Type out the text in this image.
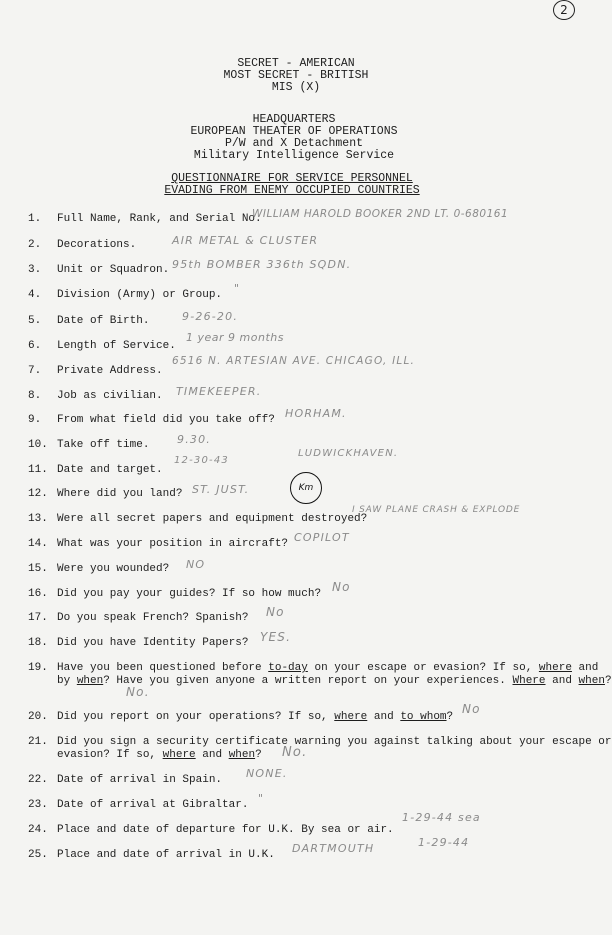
2
SECRET - AMERICAN
MOST SECRET - BRITISH
MIS (X)
HEADQUARTERS
EUROPEAN THEATER OF OPERATIONS
P/W and X Detachment
Military Intelligence Service
QUESTIONNAIRE FOR SERVICE PERSONNEL
EVADING FROM ENEMY OCCUPIED COUNTRIES
1.	Full Name, Rank, and Serial No.
WILLIAM HAROLD BOOKER 2ND LT. 0-680161
2.	Decorations.	AIR METAL & CLUSTER
3.	Unit or Squadron. 95th BOMBER 336th SQDN.
4.	Division (Army) or Group. "
5.	Date of Birth.	9-26-20.
6.	Length of Service.
1 year 9 months
7.	Private Address.
6516 N. ARTESIAN AVE. CHICAGO, ILL.
8.	Job as civilian. TIMEKEEPER.
9.	From what field did you take off? HORHAM.
10. Take off time.	9.30.
11. Date and target.
12-30-43
LUDWICKHAVEN.
12. Where did you land? ST. JUST.	Km
13. Were all secret papers and equipment destroyed?
I SAW PLANE CRASH & EXPLODE
14. What was your position in aircraft? COPILOT
15. Were you wounded? NO
16. Did you pay your guides? If so how much? No
17. Do you speak French? Spanish? No
18. Did you have Identity Papers? YES.
19. Have you been questioned before to-day on your escape or evasion? If so, where and
by when? Have you given anyone a written report on your experiences. Where and when?
No.
20. Did you report on your operations? If so, where and to whom?
No
21. Did you sign a security certificate warning you against talking about your escape or
evasion? If so, where and when? No.
22. Date of arrival in Spain. NONE.
23. Date of arrival at Gibraltar. "
24. Place and date of departure for U.K. By sea or air.
1-29-44 sea
25. Place and date of arrival in U.K. DARTMOUTH	1-29-44
